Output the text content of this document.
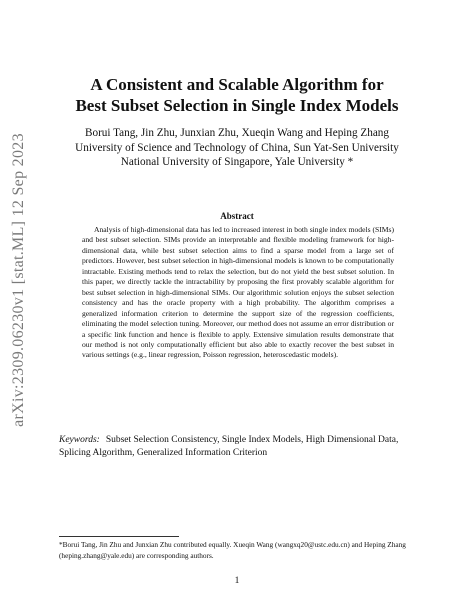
arXiv:2309.06230v1 [stat.ML] 12 Sep 2023
A Consistent and Scalable Algorithm for
Best Subset Selection in Single Index Models
Borui Tang, Jin Zhu, Junxian Zhu, Xueqin Wang and Heping Zhang
University of Science and Technology of China, Sun Yat-Sen University
National University of Singapore, Yale University *
Abstract

Analysis of high-dimensional data has led to increased interest in both single index models (SIMs) and best subset selection. SIMs provide an interpretable and flexible modeling framework for high-dimensional data, while best subset selection aims to find a sparse model from a large set of predictors. However, best subset selection in high-dimensional models is known to be computationally intractable. Existing methods tend to relax the selection, but do not yield the best subset solution. In this paper, we directly tackle the intractability by proposing the first provably scalable algorithm for best subset selection in high-dimensional SIMs. Our algorithmic solution enjoys the subset selection consistency and has the oracle property with a high probability. The algorithm comprises a generalized information criterion to determine the support size of the regression coefficients, eliminating the model selection tuning. Moreover, our method does not assume an error distribution or a specific link function and hence is flexible to apply. Extensive simulation results demonstrate that our method is not only computationally efficient but also able to exactly recover the best subset in various settings (e.g., linear regression, Poisson regression, heteroscedastic models).

Keywords: Subset Selection Consistency, Single Index Models, High Dimensional Data, Splicing Algorithm, Generalized Information Criterion

*Borui Tang, Jin Zhu and Junxian Zhu contributed equally. Xueqin Wang (wangxq20@ustc.edu.cn) and Heping Zhang (heping.zhang@yale.edu) are corresponding authors.

1
